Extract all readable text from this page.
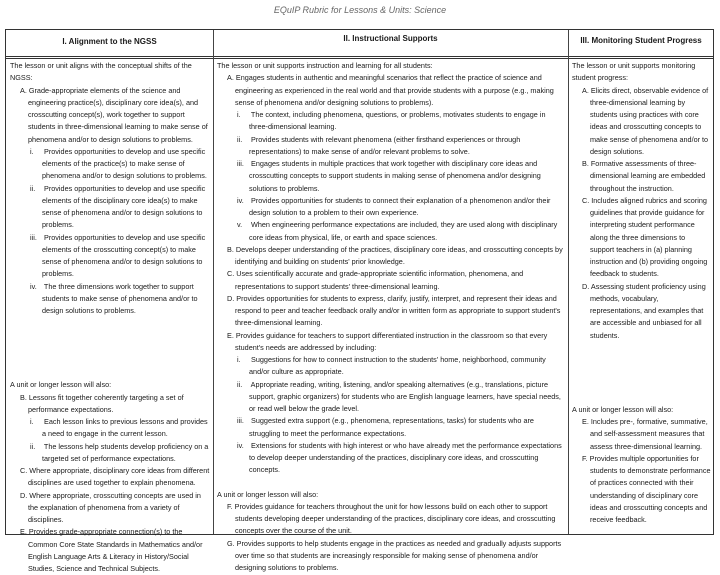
EQuIP Rubric for Lessons & Units: Science
I. Alignment to the NGSS	II. Instructional Supports	III. Monitoring Student Progress
The lesson or unit aligns with the conceptual shifts of the NGSS:
A. Grade-appropriate elements of the science and engineering practice(s), disciplinary core idea(s), and crosscutting concept(s), work together to support students in three-dimensional learning to make sense of phenomena and/or to design solutions to problems.
i. Provides opportunities to develop and use specific elements of the practice(s) to make sense of phenomena and/or to design solutions to problems.
ii. Provides opportunities to develop and use specific elements of the disciplinary core idea(s) to make sense of phenomena and/or to design solutions to problems.
iii. Provides opportunities to develop and use specific elements of the crosscutting concept(s) to make sense of phenomena and/or to design solutions to problems.
iv. The three dimensions work together to support students to make sense of phenomena and/or to design solutions to problems.
A unit or longer lesson will also:
B. Lessons fit together coherently targeting a set of performance expectations.
i. Each lesson links to previous lessons and provides a need to engage in the current lesson.
ii. The lessons help students develop proficiency on a targeted set of performance expectations.
C. Where appropriate, disciplinary core ideas from different disciplines are used together to explain phenomena.
D. Where appropriate, crosscutting concepts are used in the explanation of phenomena from a variety of disciplines.
E. Provides grade-appropriate connection(s) to the Common Core State Standards in Mathematics and/or English Language Arts & Literacy in History/Social Studies, Science and Technical Subjects.
The lesson or unit supports instruction and learning for all students:
A. Engages students in authentic and meaningful scenarios that reflect the practice of science and engineering as experienced in the real world and that provide students with a purpose (e.g., making sense of phenomena and/or designing solutions to problems).
i. The context, including phenomena, questions, or problems, motivates students to engage in three-dimensional learning.
ii. Provides students with relevant phenomena (either firsthand experiences or through representations) to make sense of and/or relevant problems to solve.
iii. Engages students in multiple practices that work together with disciplinary core ideas and crosscutting concepts to support students in making sense of phenomena and/or designing solutions to problems.
iv. Provides opportunities for students to connect their explanation of a phenomenon and/or their design solution to a problem to their own experience.
v. When engineering performance expectations are included, they are used along with disciplinary core ideas from physical, life, or earth and space sciences.
B. Develops deeper understanding of the practices, disciplinary core ideas, and crosscutting concepts by identifying and building on students' prior knowledge.
C. Uses scientifically accurate and grade-appropriate scientific information, phenomena, and representations to support students' three-dimensional learning.
D. Provides opportunities for students to express, clarify, justify, interpret, and represent their ideas and respond to peer and teacher feedback orally and/or in written form as appropriate to support student's three-dimensional learning.
E. Provides guidance for teachers to support differentiated instruction in the classroom so that every student's needs are addressed by including:
i. Suggestions for how to connect instruction to the students' home, neighborhood, community and/or culture as appropriate.
ii. Appropriate reading, writing, listening, and/or speaking alternatives (e.g., translations, picture support, graphic organizers) for students who are English language learners, have special needs, or read well below the grade level.
iii. Suggested extra support (e.g., phenomena, representations, tasks) for students who are struggling to meet the performance expectations.
iv. Extensions for students with high interest or who have already met the performance expectations to develop deeper understanding of the practices, disciplinary core ideas, and crosscutting concepts.
A unit or longer lesson will also:
F. Provides guidance for teachers throughout the unit for how lessons build on each other to support students developing deeper understanding of the practices, disciplinary core ideas, and crosscutting concepts over the course of the unit.
G. Provides supports to help students engage in the practices as needed and gradually adjusts supports over time so that students are increasingly responsible for making sense of phenomena and/or designing solutions to problems.
The lesson or unit supports monitoring student progress:
A. Elicits direct, observable evidence of three-dimensional learning by students using practices with core ideas and crosscutting concepts to make sense of phenomena and/or to design solutions.
B. Formative assessments of three-dimensional learning are embedded throughout the instruction.
C. Includes aligned rubrics and scoring guidelines that provide guidance for interpreting student performance along the three dimensions to support teachers in (a) planning instruction and (b) providing ongoing feedback to students.
D. Assessing student proficiency using methods, vocabulary, representations, and examples that are accessible and unbiased for all students.
A unit or longer lesson will also:
E. Includes pre-, formative, summative, and self-assessment measures that assess three-dimensional learning.
F. Provides multiple opportunities for students to demonstrate performance of practices connected with their understanding of disciplinary core ideas and crosscutting concepts and receive feedback.
